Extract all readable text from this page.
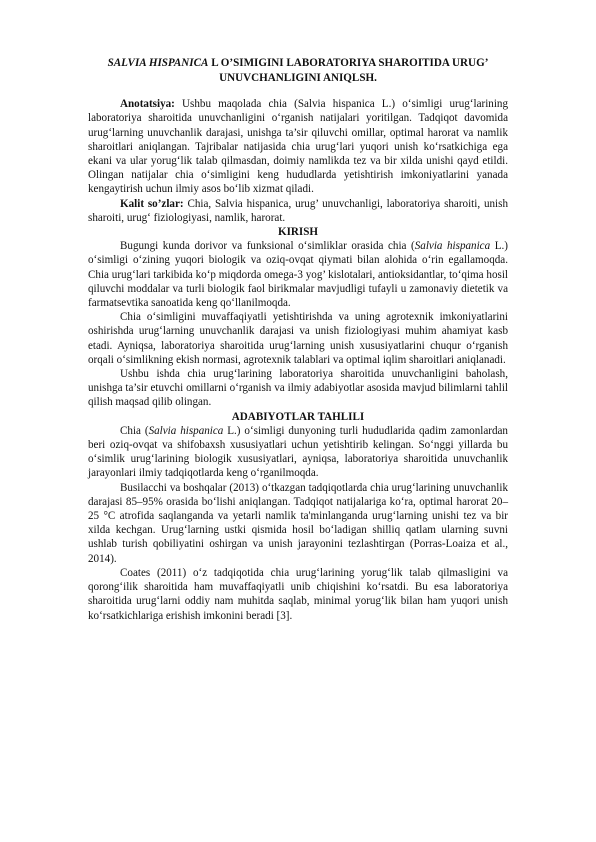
SALVIA HISPANICA L O’SIMIGINI LABORATORIYA SHAROITIDA URUG’ UNUVCHANLIGINI ANIQLSH.

Anotatsiya: Ushbu maqolada chia (Salvia hispanica L.) o‘simligi urug‘larining laboratoriya sharoitida unuvchanligini o‘rganish natijalari yoritilgan. Tadqiqot davomida urug‘larning unuvchanlik darajasi, unishga ta’sir qiluvchi omillar, optimal harorat va namlik sharoitlari aniqlangan. Tajribalar natijasida chia urug‘lari yuqori unish ko‘rsatkichiga ega ekani va ular yorug‘lik talab qilmasdan, doimiy namlikda tez va bir xilda unishi qayd etildi. Olingan natijalar chia o‘simligini keng hududlarda yetishtirish imkoniyatlarini yanada kengaytirish uchun ilmiy asos bo‘lib xizmat qiladi.

Kalit so’zlar: Chia, Salvia hispanica, urug’ unuvchanligi, laboratoriya sharoiti, unish sharoiti, urug‘ fiziologiyasi, namlik, harorat.

KIRISH

Bugungi kunda dorivor va funksional o‘simliklar orasida chia (Salvia hispanica L.) o‘simligi o‘zining yuqori biologik va oziq-ovqat qiymati bilan alohida o‘rin egallamoqda. Chia urug‘lari tarkibida ko‘p miqdorda omega-3 yog’ kislotalari, antioksidantlar, to‘qima hosil qiluvchi moddalar va turli biologik faol birikmalar mavjudligi tufayli u zamonaviy dietetik va farmatsevtika sanoatida keng qo‘llanilmoqda.

Chia o‘simligini muvaffaqiyatli yetishtirishda va uning agrotexnik imkoniyatlarini oshirishda urug‘larning unuvchanlik darajasi va unish fiziologiyasi muhim ahamiyat kasb etadi. Ayniqsa, laboratoriya sharoitida urug‘larning unish xususiyatlarini chuqur o‘rganish orqali o‘simlikning ekish normasi, agrotexnik talablari va optimal iqlim sharoitlari aniqlanadi.

Ushbu ishda chia urug‘larining laboratoriya sharoitida unuvchanligini baholash, unishga ta’sir etuvchi omillarni o‘rganish va ilmiy adabiyotlar asosida mavjud bilimlarni tahlil qilish maqsad qilib olingan.

ADABIYOTLAR TAHLILI

Chia (Salvia hispanica L.) o‘simligi dunyoning turli hududlarida qadim zamonlardan beri oziq-ovqat va shifobaxsh xususiyatlari uchun yetishtirib kelingan. So‘nggi yillarda bu o‘simlik urug‘larining biologik xususiyatlari, ayniqsa, laboratoriya sharoitida unuvchanlik jarayonlari ilmiy tadqiqotlarda keng o‘rganilmoqda.

Busilacchi va boshqalar (2013) o‘tkazgan tadqiqotlarda chia urug‘larining unuvchanlik darajasi 85–95% orasida bo‘lishi aniqlangan. Tadqiqot natijalariga ko‘ra, optimal harorat 20–25 °C atrofida saqlanganda va yetarli namlik ta'minlanganda urug‘larning unishi tez va bir xilda kechgan. Urug‘larning ustki qismida hosil bo‘ladigan shilliq qatlam ularning suvni ushlab turish qobiliyatini oshirgan va unish jarayonini tezlashtirgan (Porras-Loaiza et al., 2014).

Coates (2011) o‘z tadqiqotida chia urug‘larining yorug‘lik talab qilmasligini va qorong‘ilik sharoitida ham muvaffaqiyatli unib chiqishini ko‘rsatdi. Bu esa laboratoriya sharoitida urug‘larni oddiy nam muhitda saqlab, minimal yorug‘lik bilan ham yuqori unish ko‘rsatkichlariga erishish imkonini beradi [3].
